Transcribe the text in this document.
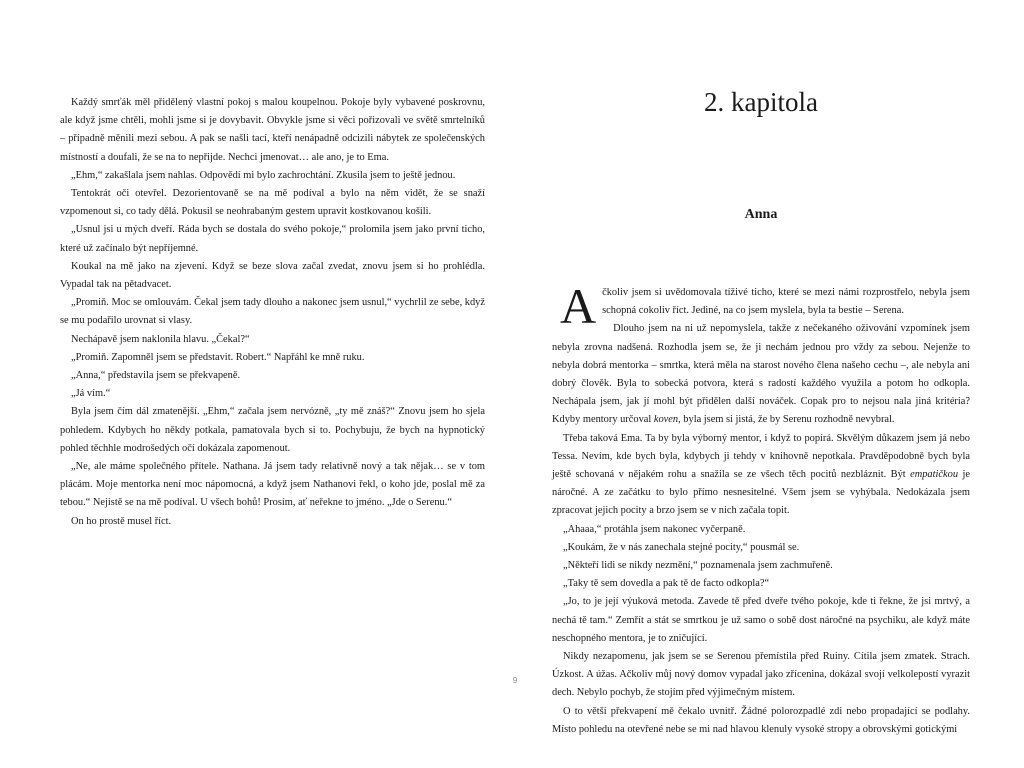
Každý smrťák měl přidělený vlastní pokoj s malou koupelnou. Pokoje byly vybavené poskrovnu, ale když jsme chtěli, mohli jsme si je dovybavit. Obvykle jsme si věci pořizovali ve světě smrtelníků – případně měnili mezi sebou. A pak se našli tací, kteří nenápadně odcizili nábytek ze společenských místností a doufali, že se na to nepřijde. Nechci jmenovat… ale ano, je to Ema.

„Ehm,“ zakašlala jsem nahlas. Odpovědí mi bylo zachrochtání. Zkusila jsem to ještě jednou.

Tentokrát oči otevřel. Dezorientovaně se na mě podíval a bylo na něm vidět, že se snaží vzpomenout si, co tady dělá. Pokusil se neohrabaným gestem upravit kostkovanou košili.

„Usnul jsi u mých dveří. Ráda bych se dostala do svého pokoje,“ prolomila jsem jako první ticho, které už začínalo být nepříjemné.

Koukal na mě jako na zjevení. Když se beze slova začal zvedat, znovu jsem si ho prohlédla. Vypadal tak na pětadvacet.

„Promiň. Moc se omlouvám. Čekal jsem tady dlouho a nakonec jsem usnul,“ vychrlil ze sebe, když se mu podařilo urovnat si vlasy.

Nechápavě jsem naklonila hlavu. „Čekal?“

„Promiň. Zapomněl jsem se představit. Robert.“ Napřáhl ke mně ruku.

„Anna,“ představila jsem se překvapeně.

„Já vím.“

Byla jsem čím dál zmatenější. „Ehm,“ začala jsem nervózně, „ty mě znáš?“ Znovu jsem ho sjela pohledem. Kdybych ho někdy potkala, pamatovala bych si to. Pochybuju, že bych na hypnotický pohled těchhle modrošedých očí dokázala zapomenout.

„Ne, ale máme společného přítele. Nathana. Já jsem tady relativně nový a tak nějak… se v tom plácám. Moje mentorka není moc nápomocná, a když jsem Nathanovi řekl, o koho jde, poslal mě za tebou.“ Nejistě se na mě podíval. U všech bohů! Prosím, ať neřekne to jméno. „Jde o Serenu.“

On ho prostě musel říct.

2. kapitola
Anna

Ačkoliv jsem si uvědomovala tíživé ticho, které se mezi námi rozprostřelo, nebyla jsem schopná cokoliv říct. Jediné, na co jsem myslela, byla ta bestie – Serena.

Dlouho jsem na ni už nepomyslela, takže z nečekaného oživování vzpomínek jsem nebyla zrovna nadšená. Rozhodla jsem se, že ji nechám jednou pro vždy za sebou. Nejenže to nebyla dobrá mentorka – smrtka, která měla na starost nového člena našeho cechu –, ale nebyla ani dobrý člověk. Byla to sobecká potvora, která s radostí každého využila a potom ho odkopla. Nechápala jsem, jak jí mohl být přidělen další nováček. Copak pro to nejsou nala jiná kritéria? Kdyby mentory určoval koven, byla jsem si jistá, že by Serenu rozhodně nevybral.

Třeba taková Ema. Ta by byla výborný mentor, i když to popírá. Skvělým důkazem jsem já nebo Tessa. Nevím, kde bych byla, kdybych ji tehdy v knihovně nepotkala. Pravděpodobně bych byla ještě schovaná v nějakém rohu a snažila se ze všech těch pocitů nezbláznit. Být empatičkou je náročné. A ze začátku to bylo přímo nesnesitelné. Všem jsem se vyhýbala. Nedokázala jsem zpracovat jejich pocity a brzo jsem se v nich začala topit.

„Ahaaa,“ protáhla jsem nakonec vyčerpaně.

„Koukám, že v nás zanechala stejné pocity,“ pousmál se.

„Někteří lidi se nikdy nezmění,“ poznamenala jsem zachmuřeně.

„Taky tě sem dovedla a pak tě de facto odkopla?“

„Jo, to je její výuková metoda. Zavede tě před dveře tvého pokoje, kde ti řekne, že jsi mrtvý, a nechá tě tam.“ Zemřít a stát se smrtkou je už samo o sobě dost náročné na psychiku, ale když máte neschopného mentora, je to zničující.

Nikdy nezapomenu, jak jsem se se Serenou přemístila před Ruiny. Cítila jsem zmatek. Strach. Úzkost. A úžas. Ačkoliv můj nový domov vypadal jako zřícenina, dokázal svojí velkolepostí vyrazit dech. Nebylo pochyb, že stojím před výjimečným místem.

O to větší překvapení mě čekalo uvnitř. Žádné polorozpadlé zdi nebo propadající se podlahy. Místo pohledu na otevřené nebe se mi nad hlavou klenuly vysoké stropy a obrovskými gotickými

9
